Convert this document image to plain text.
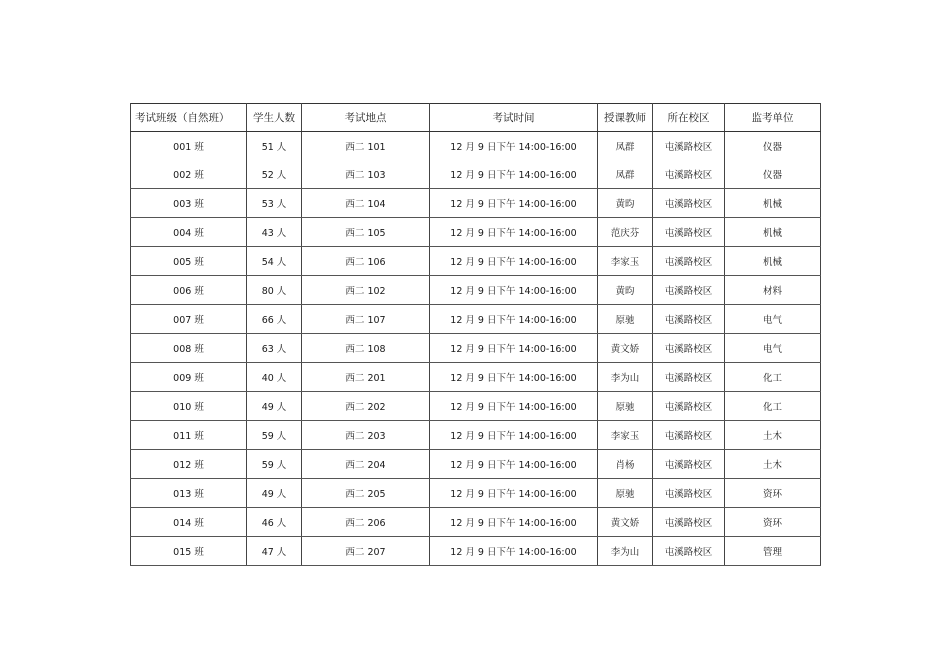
考试班级（自然班）	学生人数	考试地点	考试时间	授课教师	所在校区	监考单位
001 班	51 人	西二 101	12 月 9 日下午 14:00-16:00	凤群	屯溪路校区	仪器
002 班	52 人	西二 103	12 月 9 日下午 14:00-16:00	凤群	屯溪路校区	仪器
003 班	53 人	西二 104	12 月 9 日下午 14:00-16:00	黄昀	屯溪路校区	机械
004 班	43 人	西二 105	12 月 9 日下午 14:00-16:00	范庆芬	屯溪路校区	机械
005 班	54 人	西二 106	12 月 9 日下午 14:00-16:00	李家玉	屯溪路校区	机械
006 班	80 人	西二 102	12 月 9 日下午 14:00-16:00	黄昀	屯溪路校区	材料
007 班	66 人	西二 107	12 月 9 日下午 14:00-16:00	原驰	屯溪路校区	电气
008 班	63 人	西二 108	12 月 9 日下午 14:00-16:00	黄文娇	屯溪路校区	电气
009 班	40 人	西二 201	12 月 9 日下午 14:00-16:00	李为山	屯溪路校区	化工
010 班	49 人	西二 202	12 月 9 日下午 14:00-16:00	原驰	屯溪路校区	化工
011 班	59 人	西二 203	12 月 9 日下午 14:00-16:00	李家玉	屯溪路校区	土木
012 班	59 人	西二 204	12 月 9 日下午 14:00-16:00	肖杨	屯溪路校区	土木
013 班	49 人	西二 205	12 月 9 日下午 14:00-16:00	原驰	屯溪路校区	资环
014 班	46 人	西二 206	12 月 9 日下午 14:00-16:00	黄文娇	屯溪路校区	资环
015 班	47 人	西二 207	12 月 9 日下午 14:00-16:00	李为山	屯溪路校区	管理
